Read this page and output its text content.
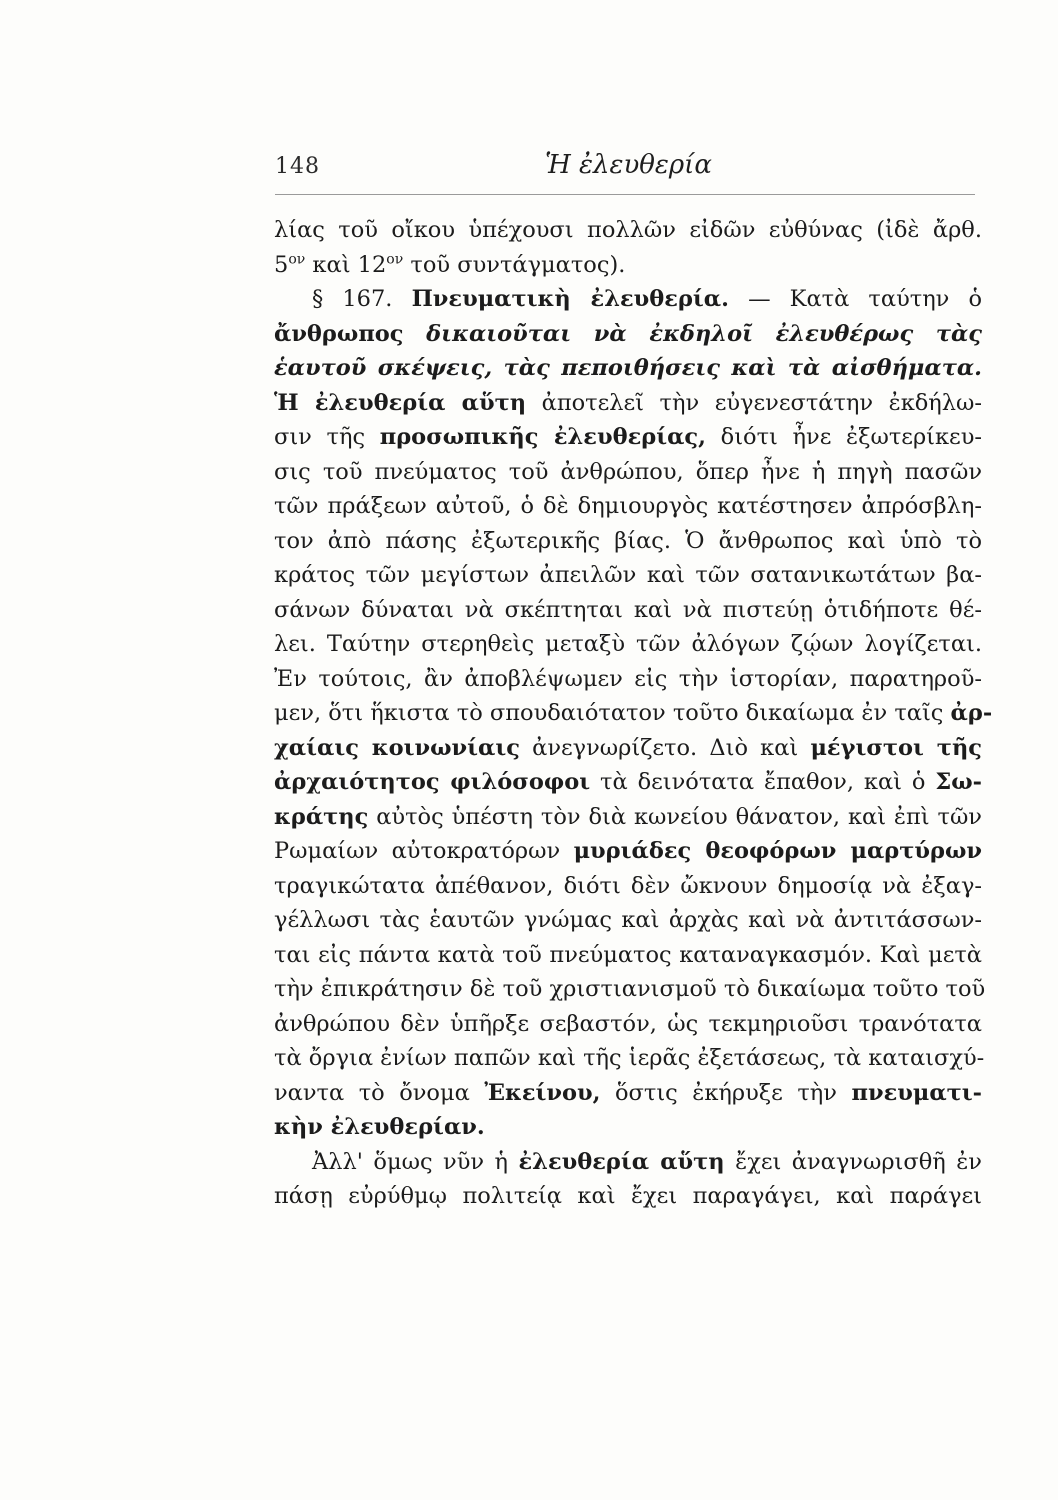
148	Ἡ ἐλευθερία
λίας τοῦ οἴκου ὑπέχουσι πολλῶν εἰδῶν εὐθύνας (ἰδὲ ἄρθ.
$5^{o\nu}$ καὶ $12^{o\nu}$ τοῦ συντάγματος).
§ 167. Πνευματικὴ ἐλευθερία. — Κατὰ ταύτην ὁ
ἄνθρωπος δικαιοῦται νὰ ἐκδηλοῖ ἐλευθέρως τὰς
ἑαυτοῦ σκέψεις, τὰς πεποιθήσεις καὶ τὰ αἰσθήματα.
Ἡ ἐλευθερία αὕτη ἀποτελεῖ τὴν εὐγενεστάτην ἐκδήλω-
σιν τῆς προσωπικῆς ἐλευθερίας, διότι ἦνε ἐξωτερίκευ-
σις τοῦ πνεύματος τοῦ ἀνθρώπου, ὅπερ ἦνε ἡ πηγὴ πασῶν
τῶν πράξεων αὐτοῦ, ὁ δὲ δημιουργὸς κατέστησεν ἀπρόσβλη-
τον ἀπὸ πάσης ἐξωτερικῆς βίας. Ὁ ἄνθρωπος καὶ ὑπὸ τὸ
κράτος τῶν μεγίστων ἀπειλῶν καὶ τῶν σατανικωτάτων βα-
σάνων δύναται νὰ σκέπτηται καὶ νὰ πιστεύῃ ὁτιδήποτε θέ-
λει. Ταύτην στερηθεὶς μεταξὺ τῶν ἀλόγων ζῴων λογίζεται.
Ἐν τούτοις, ἂν ἀποβλέψωμεν εἰς τὴν ἱστορίαν, παρατηροῦ-
μεν, ὅτι ἥκιστα τὸ σπουδαιότατον τοῦτο δικαίωμα ἐν ταῖς ἀρ-
χαίαις κοινωνίαις ἀνεγνωρίζετο. Διὸ καὶ μέγιστοι τῆς
ἀρχαιότητος φιλόσοφοι τὰ δεινότατα ἔπαθον, καὶ ὁ Σω-
κράτης αὐτὸς ὑπέστη τὸν διὰ κωνείου θάνατον, καὶ ἐπὶ τῶν
Ρωμαίων αὐτοκρατόρων μυριάδες θεοφόρων μαρτύρων
τραγικώτατα ἀπέθανον, διότι δὲν ὤκνουν δημοσίᾳ νὰ ἐξαγ-
γέλλωσι τὰς ἑαυτῶν γνώμας καὶ ἀρχὰς καὶ νὰ ἀντιτάσσων-
ται εἰς πάντα κατὰ τοῦ πνεύματος καταναγκασμόν. Καὶ μετὰ
τὴν ἐπικράτησιν δὲ τοῦ χριστιανισμοῦ τὸ δικαίωμα τοῦτο τοῦ
ἀνθρώπου δὲν ὑπῆρξε σεβαστόν, ὡς τεκμηριοῦσι τρανότατα
τὰ ὄργια ἐνίων παπῶν καὶ τῆς ἱερᾶς ἐξετάσεως, τὰ καταισχύ-
ναντα τὸ ὄνομα Ἐκείνου, ὅστις ἐκήρυξε τὴν πνευματι-
κὴν ἐλευθερίαν.
Ἀλλ' ὅμως νῦν ἡ ἐλευθερία αὕτη ἔχει ἀναγνωρισθῆ ἐν
πάσῃ εὐρύθμῳ πολιτείᾳ καὶ ἔχει παραγάγει, καὶ παράγει
